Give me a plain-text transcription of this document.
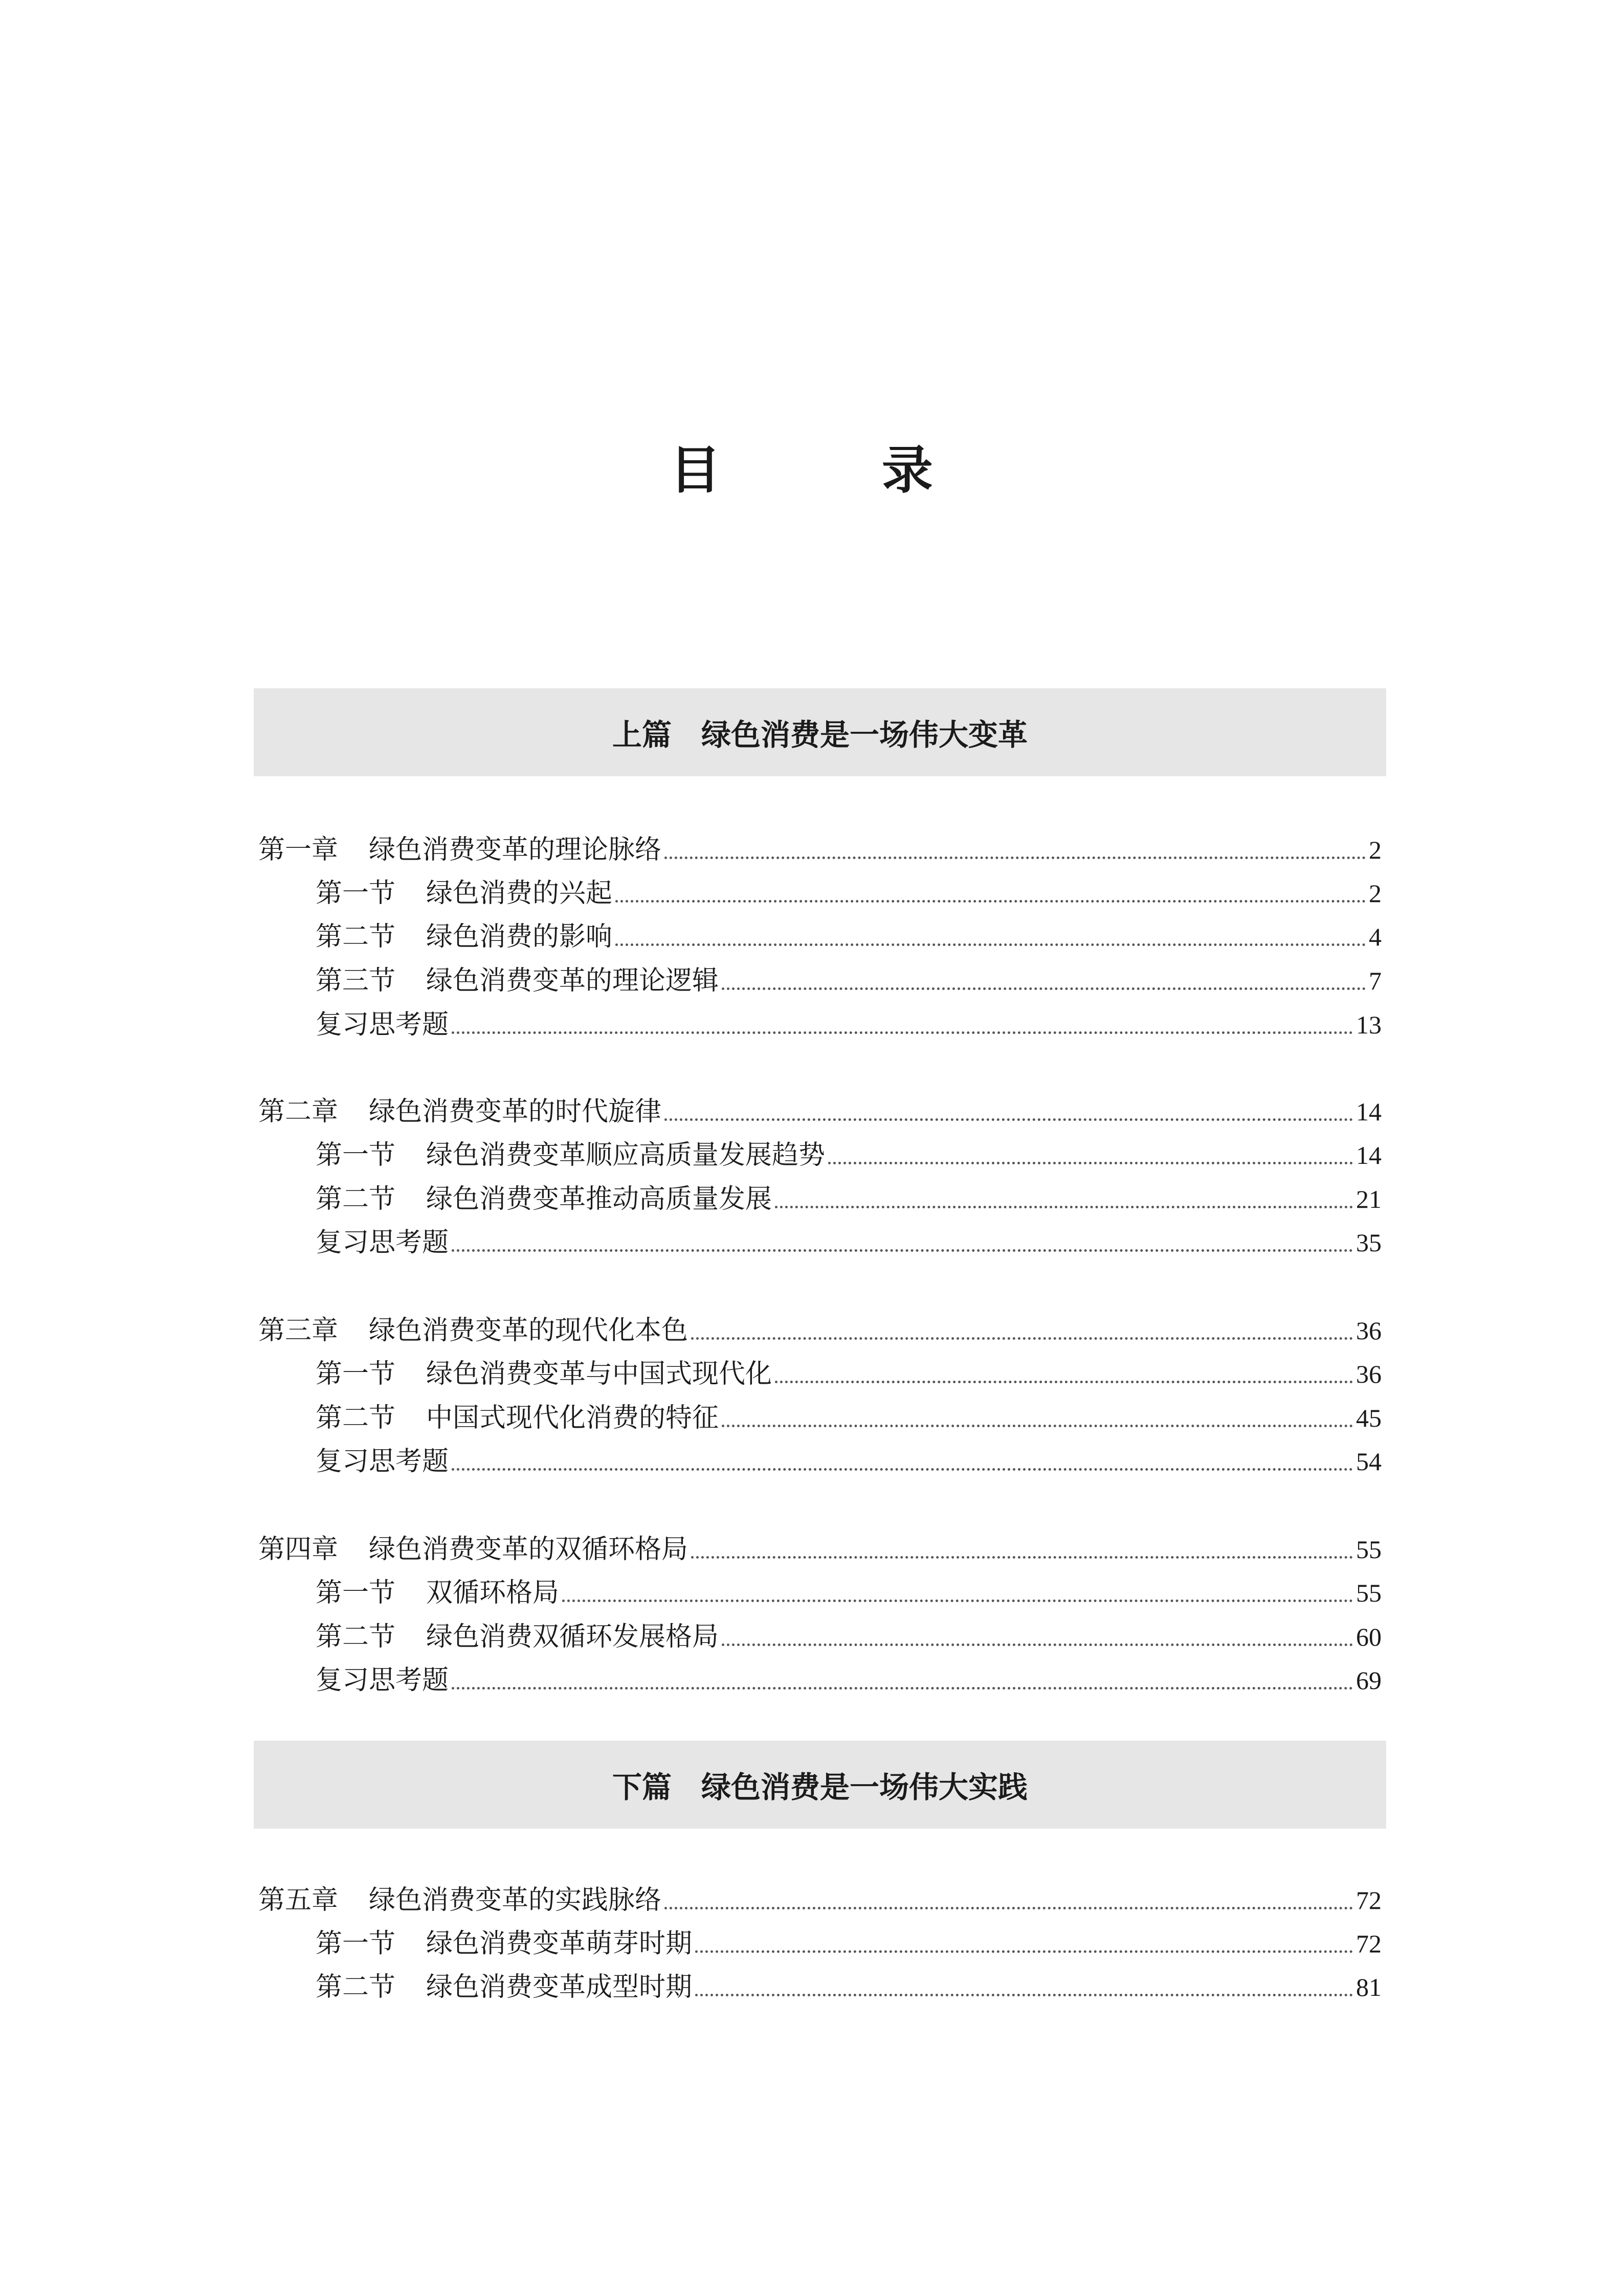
目 录
上篇 绿色消费是一场伟大变革
下篇 绿色消费是一场伟大实践
第一章 绿色消费变革的理论脉络	2
第一节 绿色消费的兴起	2
第二节 绿色消费的影响	4
第三节 绿色消费变革的理论逻辑	7
复习思考题	13
第二章 绿色消费变革的时代旋律	14
第一节 绿色消费变革顺应高质量发展趋势	14
第二节 绿色消费变革推动高质量发展	21
复习思考题	35
第三章 绿色消费变革的现代化本色	36
第一节 绿色消费变革与中国式现代化	36
第二节 中国式现代化消费的特征	45
复习思考题	54
第四章 绿色消费变革的双循环格局	55
第一节 双循环格局	55
第二节 绿色消费双循环发展格局	60
复习思考题	69
第五章 绿色消费变革的实践脉络	72
第一节 绿色消费变革萌芽时期	72
第二节 绿色消费变革成型时期	81
